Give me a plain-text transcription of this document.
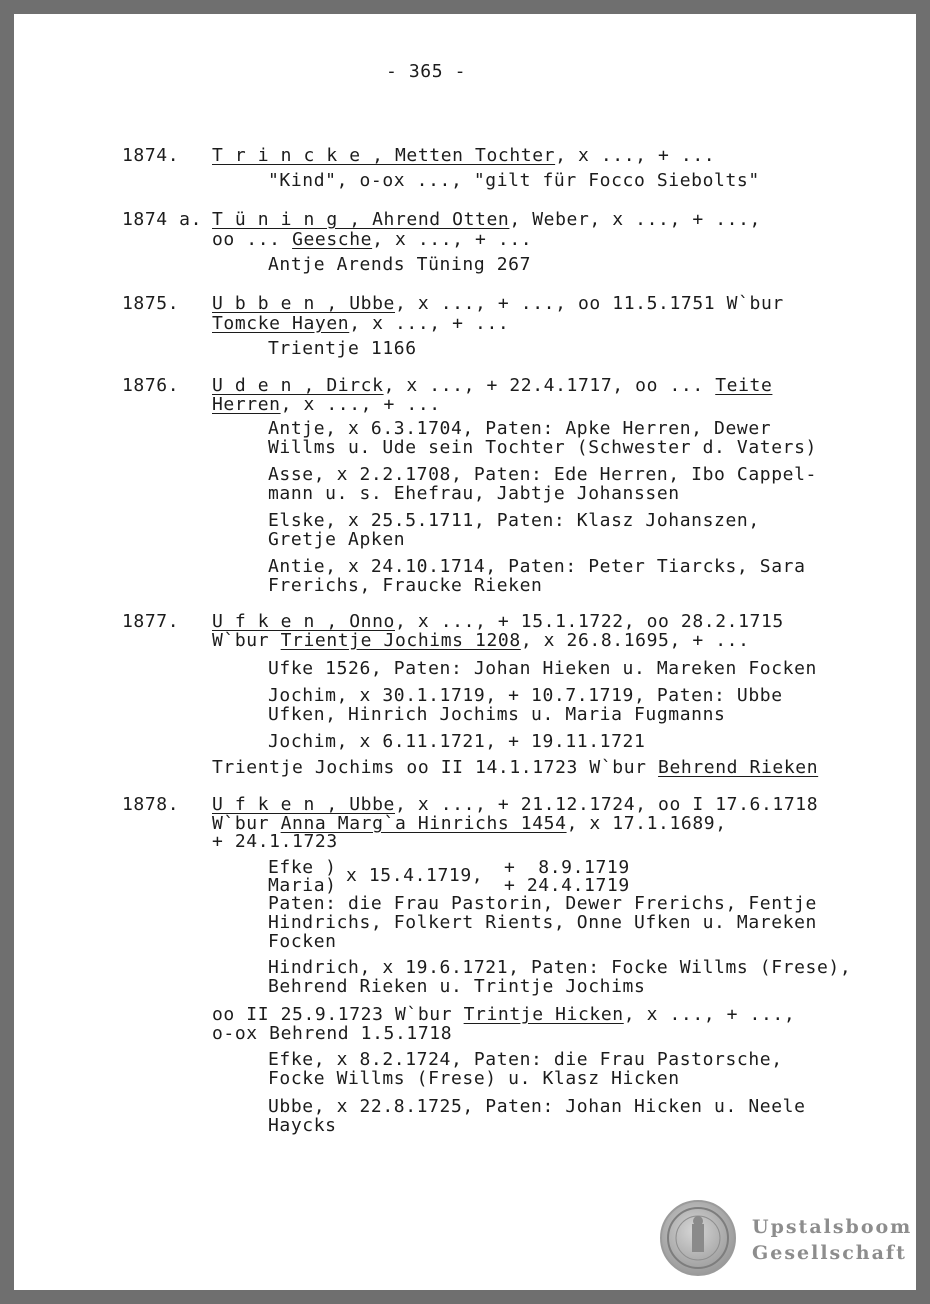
- 365 -
1874. T r i n c k e , Metten Tochter, x ..., + ...
"Kind", o-ox ..., "gilt für Focco Siebolts"
1874 a. T ü n i n g , Ahrend Otten, Weber, x ..., + ...,
oo ... Geesche, x ..., + ...
Antje Arends Tüning 267
1875. U b b e n , Ubbe, x ..., + ..., oo 11.5.1751 W`bur
Tomcke Hayen, x ..., + ...
Trientje 1166
1876. U d e n , Dirck, x ..., + 22.4.1717, oo ... Teite
Herren, x ..., + ...
Antje, x 6.3.1704, Paten: Apke Herren, Dewer
Willms u. Ude sein Tochter (Schwester d. Vaters)
Asse, x 2.2.1708, Paten: Ede Herren, Ibo Cappel-
mann u. s. Ehefrau, Jabtje Johanssen
Elske, x 25.5.1711, Paten: Klasz Johanszen,
Gretje Apken
Antie, x 24.10.1714, Paten: Peter Tiarcks, Sara
Frerichs, Fraucke Rieken
1877. U f k e n , Onno, x ..., + 15.1.1722, oo 28.2.1715
W`bur Trientje Jochims 1208, x 26.8.1695, + ...
Ufke 1526, Paten: Johan Hieken u. Mareken Focken
Jochim, x 30.1.1719, + 10.7.1719, Paten: Ubbe
Ufken, Hinrich Jochims u. Maria Fugmanns
Jochim, x 6.11.1721, + 19.11.1721
Trientje Jochims oo II 14.1.1723 W`bur Behrend Rieken
1878. U f k e n , Ubbe, x ..., + 21.12.1724, oo I 17.6.1718
W`bur Anna Marg`a Hinrichs 1454, x 17.1.1689,
+ 24.1.1723
Efke ) x 15.4.1719, +  8.9.1719
Maria)	+ 24.4.1719
Paten: die Frau Pastorin, Dewer Frerichs, Fentje
Hindrichs, Folkert Rients, Onne Ufken u. Mareken
Focken
Hindrich, x 19.6.1721, Paten: Focke Willms (Frese),
Behrend Rieken u. Trintje Jochims
oo II 25.9.1723 W`bur Trintje Hicken, x ..., + ...,
o-ox Behrend 1.5.1718
Efke, x 8.2.1724, Paten: die Frau Pastorsche,
Focke Willms (Frese) u. Klasz Hicken
Ubbe, x 22.8.1725, Paten: Johan Hicken u. Neele
Haycks
Upstalsboom
Gesellschaft
